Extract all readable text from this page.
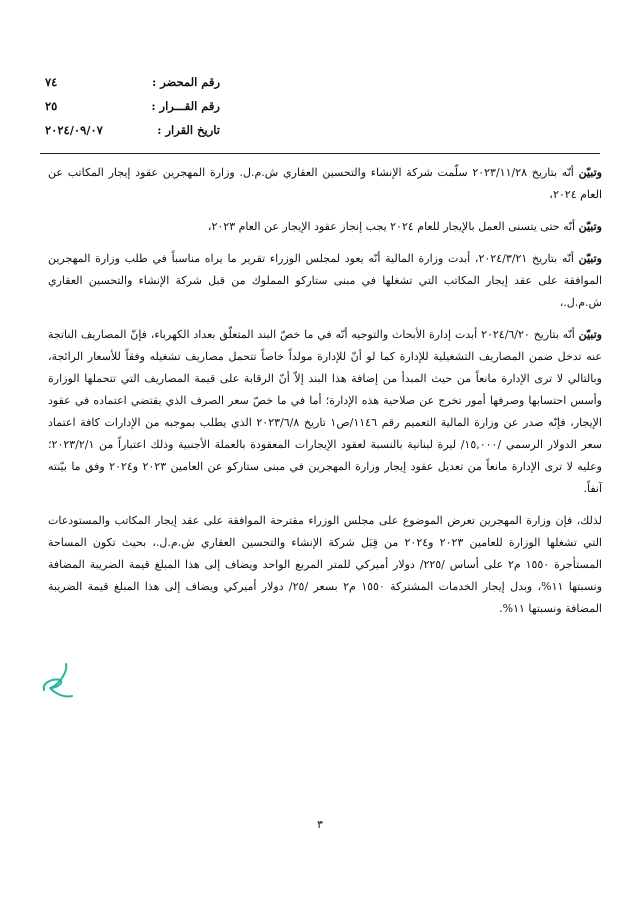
رقم المحضر :
٧٤
رقم القـــرار :
٢٥
تاريخ القرار :
٢٠٢٤/٠٩/٠٧

وتبيّن أنّه بتاريخ ٢٠٢٣/١١/٢٨ سلّمت شركة الإنشاء والتحسين العقاري ش.م.ل. وزارة المهجرين عقود إيجار المكاتب عن العام ٢٠٢٤،

وتبيّن أنّه حتى يتسنى العمل بالإيجار للعام ٢٠٢٤ يجب إنجاز عقود الإيجار عن العام ٢٠٢٣،

وتبيّن أنّه بتاريخ ٢٠٢٤/٣/٢١، أبدت وزارة المالية أنّه يعود لمجلس الوزراء تقرير ما يراه مناسباً في طلب وزارة المهجرين الموافقة على عقد إيجار المكاتب التي تشغلها في مبنى ستاركو المملوك من قبل شركة الإنشاء والتحسين العقاري ش.م.ل.،

وتبيّن أنّه بتاريخ ٢٠٢٤/٦/٢٠ أبدت إدارة الأبحاث والتوجيه أنّه في ما خصّ البند المتعلّق بعداد الكهرباء، فإنّ المصاريف الناتجة عنه تدخل ضمن المصاريف التشغيلية للإدارة كما لو أنّ للإدارة مولداً خاصاً تتحمل مصاريف تشغيله وفقاً للأسعار الرائجة، وبالتالي لا ترى الإدارة مانعاً من حيث المبدأ من إضافة هذا البند إلاّ أنّ الرقابة على قيمة المصاريف التي تتحملها الوزارة وأسس احتسابها وصرفها أمور تخرج عن صلاحية هذه الإدارة؛ أما في ما خصّ سعر الصرف الذي يقتضي اعتماده في عقود الإيجار، فإنّه صدر عن وزارة المالية التعميم رقم ١١٤٦/ص١ تاريخ ٢٠٢٣/٦/٨ الذي يطلب بموجبه من الإدارات كافة اعتماد سعر الدولار الرسمي /١٥,٠٠٠/ ليرة لبنانية بالنسبة لعقود الإيجارات المعقودة بالعملة الأجنبية وذلك اعتباراً من ٢٠٢٣/٢/١؛ وعليه لا ترى الإدارة مانعاً من تعديل عقود إيجار وزارة المهجرين في مبنى ستاركو عن العامين ٢٠٢٣ و٢٠٢٤ وفق ما بيّنته آنفاً.

لذلك، فإن وزارة المهجرين تعرض الموضوع على مجلس الوزراء مقترحة الموافقة على عقد إيجار المكاتب والمستودعات التي تشغلها الوزارة للعامين ٢٠٢٣ و٢٠٢٤ من قِبَل شركة الإنشاء والتحسين العقاري ش.م.ل.، بحيث تكون المساحة المستأجرة ١٥٥٠ م٢ على أساس /٢٢٥/ دولار أميركي للمتر المربع الواحد ويضاف إلى هذا المبلغ قيمة الضريبة المضافة ونسبتها ١١%، وبدل إيجار الخدمات المشتركة ١٥٥٠ م٢ بسعر /٢٥/ دولار أميركي ويضاف إلى هذا المبلغ قيمة الضريبة المضافة ونسبتها ١١%.

٣
